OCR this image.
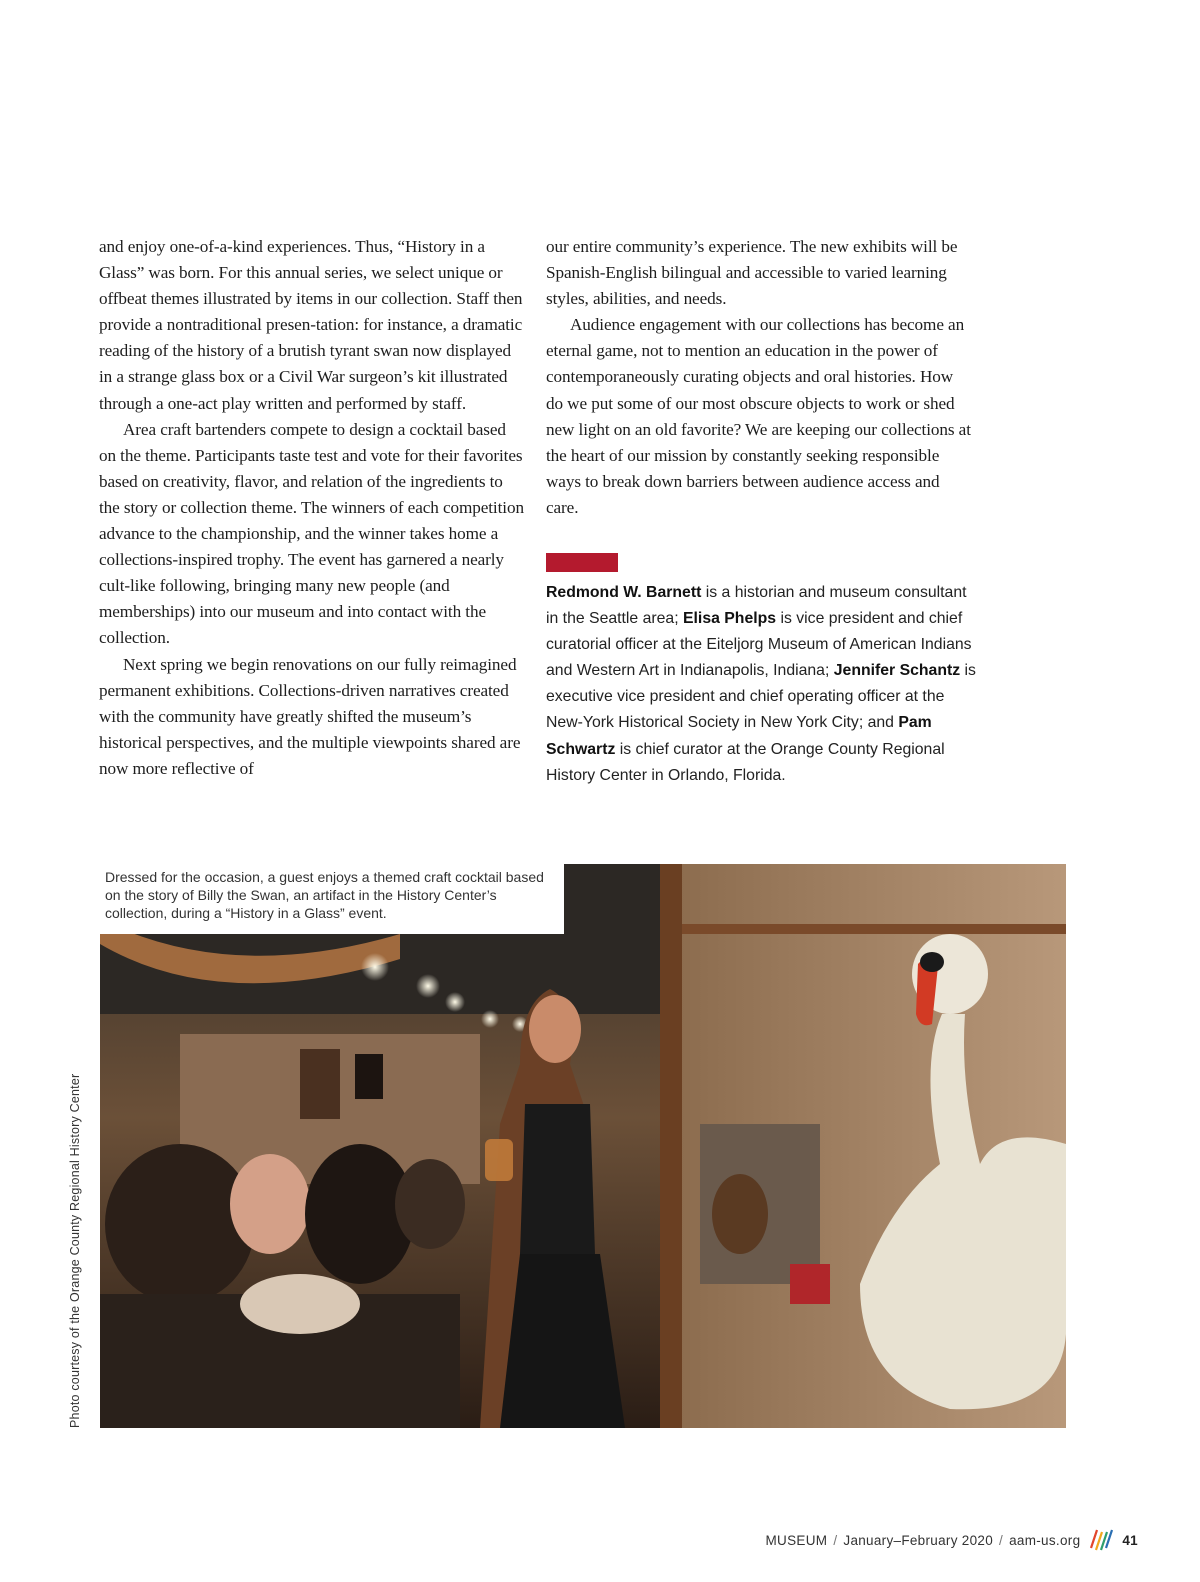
and enjoy one-of-a-kind experiences. Thus, “History in a Glass” was born. For this annual series, we select unique or offbeat themes illustrated by items in our collection. Staff then provide a nontraditional presen-tation: for instance, a dramatic reading of the history of a brutish tyrant swan now displayed in a strange glass box or a Civil War surgeon’s kit illustrated through a one-act play written and performed by staff.

Area craft bartenders compete to design a cocktail based on the theme. Participants taste test and vote for their favorites based on creativity, flavor, and relation of the ingredients to the story or collection theme. The winners of each competition advance to the championship, and the winner takes home a collections-inspired trophy. The event has garnered a nearly cult-like following, bringing many new people (and memberships) into our museum and into contact with the collection.

Next spring we begin renovations on our fully reimagined permanent exhibitions. Collections-driven narratives created with the community have greatly shifted the museum’s historical perspectives, and the multiple viewpoints shared are now more reflective of

our entire community’s experience. The new exhibits will be Spanish-English bilingual and accessible to varied learning styles, abilities, and needs.

Audience engagement with our collections has become an eternal game, not to mention an education in the power of contemporaneously curating objects and oral histories. How do we put some of our most obscure objects to work or shed new light on an old favorite? We are keeping our collections at the heart of our mission by constantly seeking responsible ways to break down barriers between audience access and care.

Redmond W. Barnett is a historian and museum consultant in the Seattle area; Elisa Phelps is vice president and chief curatorial officer at the Eiteljorg Museum of American Indians and Western Art in Indianapolis, Indiana; Jennifer Schantz is executive vice president and chief operating officer at the New-York Historical Society in New York City; and Pam Schwartz is chief curator at the Orange County Regional History Center in Orlando, Florida.

Dressed for the occasion, a guest enjoys a themed craft cocktail based on the story of Billy the Swan, an artifact in the History Center’s collection, during a “History in a Glass” event.
Photo courtesy of the Orange County Regional History Center
MUSEUM / January–February 2020 / aam-us.org	41
